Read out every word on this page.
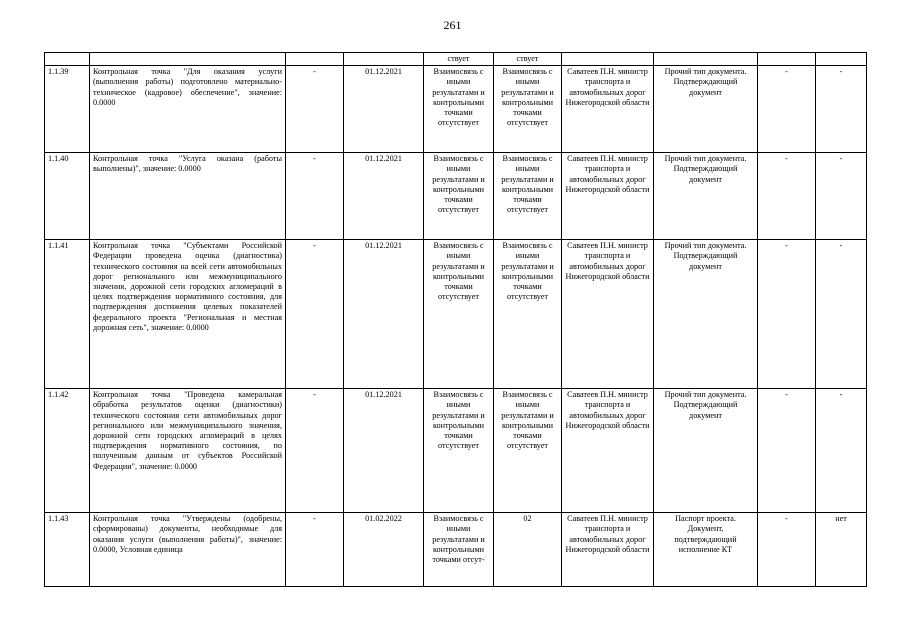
261
				ствует	ствует				
1.1.39	Контрольная точка "Для оказания услуги (выполнения работы) подготовлено материально-техническое (кадровое) обеспечение", значение: 0.0000	-	01.12.2021	Взаимосвязь с иными результатами и контрольными точками отсутствует	Взаимосвязь с иными результатами и контрольными точками отсутствует	Саватеев П.Н. министр транспорта и автомобильных дорог Нижегородской области	Прочий тип документа. Подтверждающий документ	-	-
1.1.40	Контрольная точка "Услуга оказана (работы выполнены)", значение: 0.0000	-	01.12.2021	Взаимосвязь с иными результатами и контрольными точками отсутствует	Взаимосвязь с иными результатами и контрольными точками отсутствует	Саватеев П.Н. министр транспорта и автомобильных дорог Нижегородской области	Прочий тип документа. Подтверждающий документ	-	-
1.1.41	Контрольная точка "Субъектами Российской Федерации проведена оценка (диагностика) технического состояния на всей сети автомобильных дорог регионального или межмуниципального значения, дорожной сети городских агломераций в целях подтверждения нормативного состояния, для подтверждения достижения целевых показателей федерального проекта "Региональная и местная дорожная сеть", значение: 0.0000	-	01.12.2021	Взаимосвязь с иными результатами и контрольными точками отсутствует	Взаимосвязь с иными результатами и контрольными точками отсутствует	Саватеев П.Н. министр транспорта и автомобильных дорог Нижегородской области	Прочий тип документа. Подтверждающий документ	-	-
1.1.42	Контрольная точка "Проведена камеральная обработка результатов оценки (диагностики) технического состояния сети автомобильных дорог регионального или межмуниципального значения, дорожной сети городских агломераций в целях подтверждения нормативного состояния, по полученным данным от субъектов Российской Федерации", значение: 0.0000	-	01.12.2021	Взаимосвязь с иными результатами и контрольными точками отсутствует	Взаимосвязь с иными результатами и контрольными точками отсутствует	Саватеев П.Н. министр транспорта и автомобильных дорог Нижегородской области	Прочий тип документа. Подтверждающий документ	-	-
1.1.43	Контрольная точка "Утверждены (одобрены, сформированы) документы, необходимые для оказания услуги (выполнения работы)", значение: 0.0000, Условная единица	-	01.02.2022	Взаимосвязь с иными результатами и контрольными точками отсут-	02	Саватеев П.Н. министр транспорта и автомобильных дорог Нижегородской области	Паспорт проекта. Документ, подтверждающий исполнение КТ	-	нет
